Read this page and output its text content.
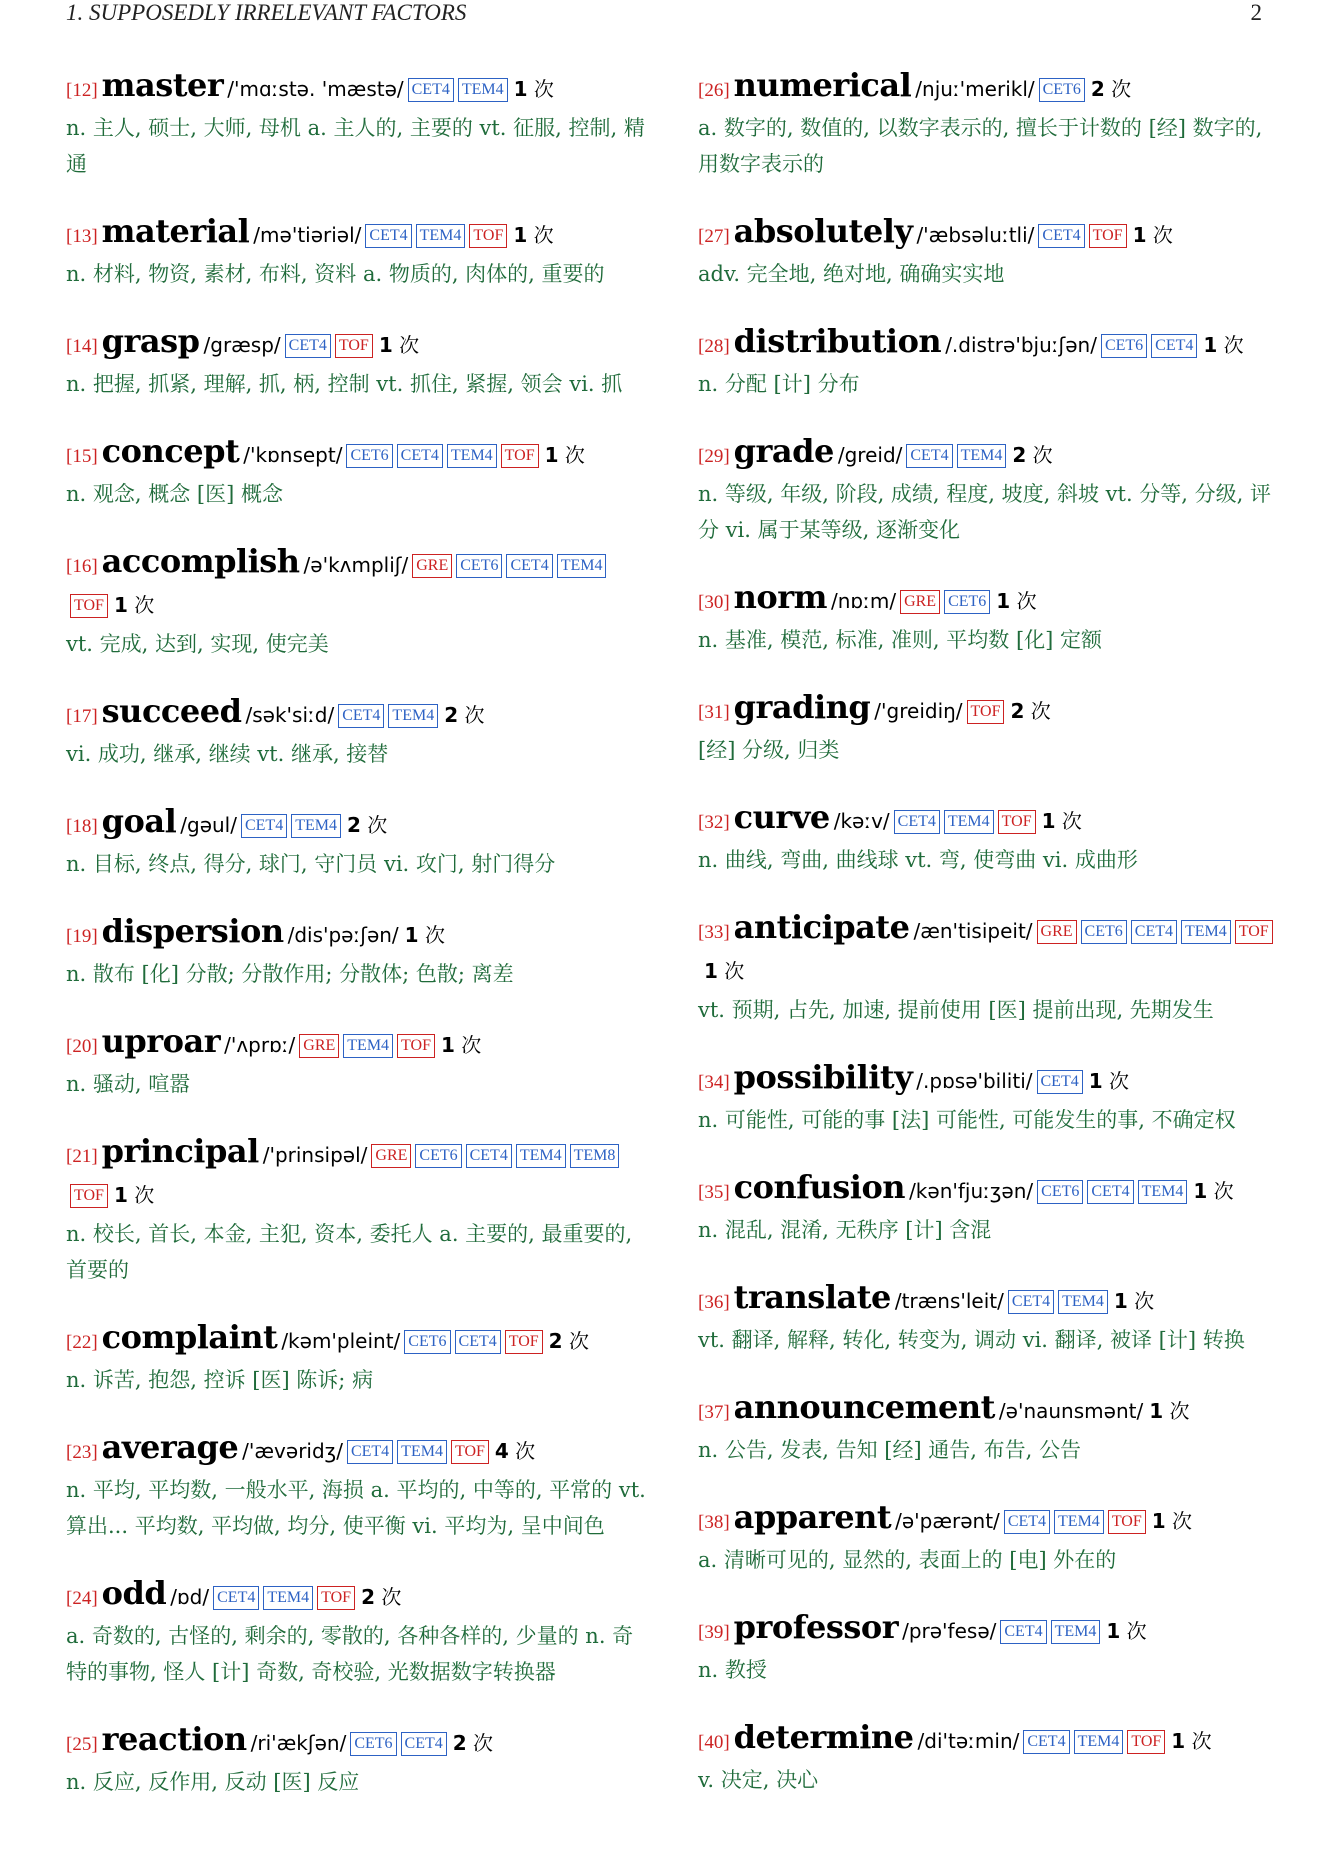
1. SUPPOSEDLY IRRELEVANT FACTORS	2
[12] master /'mɑːstə. 'mæstə/ CET4 TEM4 1 次
n. 主人, 硕士, 大师, 母机 a. 主人的, 主要的 vt. 征服, 控制, 精通
[13] material /mə'tiəriəl/ CET4 TEM4 TOF 1 次
n. 材料, 物资, 素材, 布料, 资料 a. 物质的, 肉体的, 重要的
[14] grasp /græsp/ CET4 TOF 1 次
n. 把握, 抓紧, 理解, 抓, 柄, 控制 vt. 抓住, 紧握, 领会 vi. 抓
[15] concept /'kɒnsept/ CET6 CET4 TEM4 TOF 1 次
n. 观念, 概念 [医] 概念
[16] accomplish /ə'kʌmpliʃ/ GRE CET6 CET4 TEM4TOF 1 次
vt. 完成, 达到, 实现, 使完美
[17] succeed /sək'siːd/ CET4 TEM4 2 次
vi. 成功, 继承, 继续 vt. 继承, 接替
[18] goal /gəul/ CET4 TEM4 2 次
n. 目标, 终点, 得分, 球门, 守门员 vi. 攻门, 射门得分
[19] dispersion /dis'pəːʃən/ 1 次
n. 散布 [化] 分散; 分散作用; 分散体; 色散; 离差
[20] uproar /'ʌprɒː/ GRE TEM4 TOF 1 次
n. 骚动, 喧嚣
[21] principal /'prinsipəl/ GRE CET6 CET4 TEM4 TEM8TOF 1 次
n. 校长, 首长, 本金, 主犯, 资本, 委托人 a. 主要的, 最重要的, 首要的
[22] complaint /kəm'pleint/ CET6 CET4 TOF 2 次
n. 诉苦, 抱怨, 控诉 [医] 陈诉; 病
[23] average /'ævəridʒ/ CET4 TEM4 TOF 4 次
n. 平均, 平均数, 一般水平, 海损 a. 平均的, 中等的, 平常的 vt. 算出... 平均数, 平均做, 均分, 使平衡 vi. 平均为, 呈中间色
[24] odd /ɒd/ CET4 TEM4 TOF 2 次
a. 奇数的, 古怪的, 剩余的, 零散的, 各种各样的, 少量的 n. 奇特的事物, 怪人 [计] 奇数, 奇校验, 光数据数字转换器
[25] reaction /ri'ækʃən/ CET6 CET4 2 次
n. 反应, 反作用, 反动 [医] 反应
[26] numerical /njuː'merikl/ CET6 2 次
a. 数字的, 数值的, 以数字表示的, 擅长于计数的 [经] 数字的, 用数字表示的
[27] absolutely /'æbsəluːtli/ CET4 TOF 1 次
adv. 完全地, 绝对地, 确确实实地
[28] distribution /.distrə'bjuːʃən/ CET6 CET4 1 次
n. 分配 [计] 分布
[29] grade /greid/ CET4 TEM4 2 次
n. 等级, 年级, 阶段, 成绩, 程度, 坡度, 斜坡 vt. 分等, 分级, 评分 vi. 属于某等级, 逐渐变化
[30] norm /nɒːm/ GRE CET6 1 次
n. 基准, 模范, 标准, 准则, 平均数 [化] 定额
[31] grading /'greidiŋ/ TOF 2 次
[经] 分级, 归类
[32] curve /kəːv/ CET4 TEM4 TOF 1 次
n. 曲线, 弯曲, 曲线球 vt. 弯, 使弯曲 vi. 成曲形
[33] anticipate /æn'tisipeit/ GRE CET6 CET4 TEM4 TOF1 次
vt. 预期, 占先, 加速, 提前使用 [医] 提前出现, 先期发生
[34] possibility /.pɒsə'biliti/ CET4 1 次
n. 可能性, 可能的事 [法] 可能性, 可能发生的事, 不确定权
[35] confusion /kən'fjuːʒən/ CET6 CET4 TEM4 1 次
n. 混乱, 混淆, 无秩序 [计] 含混
[36] translate /træns'leit/ CET4 TEM4 1 次
vt. 翻译, 解释, 转化, 转变为, 调动 vi. 翻译, 被译 [计] 转换
[37] announcement /ə'naunsmənt/ 1 次
n. 公告, 发表, 告知 [经] 通告, 布告, 公告
[38] apparent /ə'pærənt/ CET4 TEM4 TOF 1 次
a. 清晰可见的, 显然的, 表面上的 [电] 外在的
[39] professor /prə'fesə/ CET4 TEM4 1 次
n. 教授
[40] determine /di'təːmin/ CET4 TEM4 TOF 1 次
v. 决定, 决心
